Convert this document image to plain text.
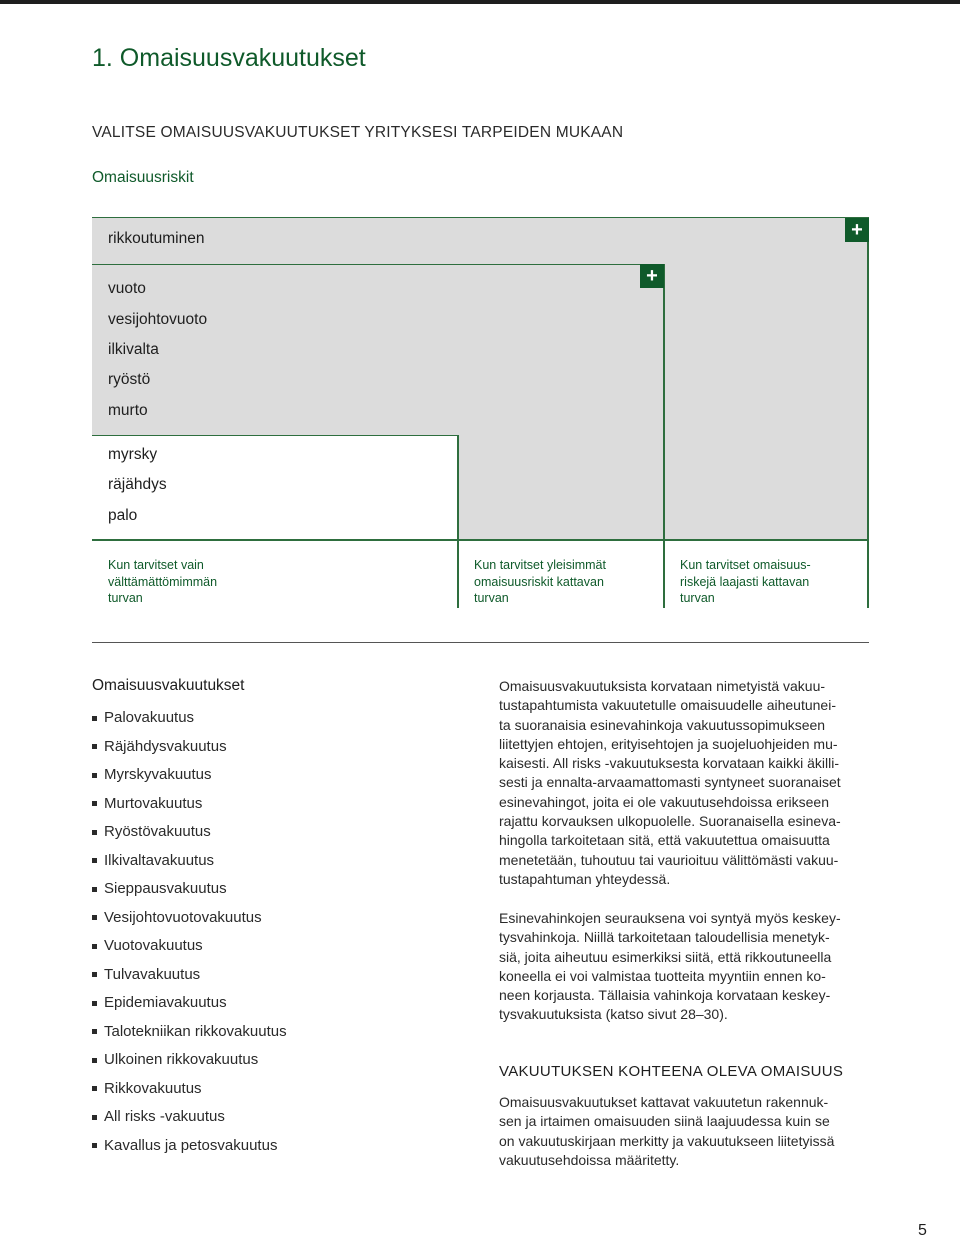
1. Omaisuusvakuutukset
VALITSE OMAISUUSVAKUUTUKSET YRITYKSESI TARPEIDEN MUKAAN
Omaisuusriskit
+
+
rikkoutuminen
vuoto
vesijohtovuoto
ilkivalta
ryöstö
murto
myrsky
räjähdys
palo
Kun tarvitset vain
välttämättömimmän
turvan
Kun tarvitset yleisimmät
omaisuusriskit kattavan
turvan
Kun tarvitset omaisuus-
riskejä laajasti kattavan
turvan
Omaisuusvakuutukset
Palovakuutus
Räjähdysvakuutus
Myrskyvakuutus
Murtovakuutus
Ryöstövakuutus
Ilkivaltavakuutus
Sieppausvakuutus
Vesijohtovuotovakuutus
Vuotovakuutus
Tulvavakuutus
Epidemiavakuutus
Talotekniikan rikkovakuutus
Ulkoinen rikkovakuutus
Rikkovakuutus
All risks -vakuutus
Kavallus ja petosvakuutus

Omaisuusvakuutuksista korvataan nimetyistä vakuu-

tustapahtumista vakuutetulle omaisuudelle aiheutunei-

ta suoranaisia esinevahinkoja vakuutussopimukseen

liitettyjen ehtojen, erityisehtojen ja suojeluohjeiden mu-

kaisesti. All risks -vakuutuksesta korvataan kaikki äkilli-

sesti ja ennalta-arvaamattomasti syntyneet suoranaiset

esinevahingot, joita ei ole vakuutusehdoissa erikseen

rajattu korvauksen ulkopuolelle. Suoranaisella esineva-

hingolla tarkoitetaan sitä, että vakuutettua omaisuutta

menetetään, tuhoutuu tai vaurioituu välittömästi vakuu-

tustapahtuman yhteydessä.

Esinevahinkojen seurauksena voi syntyä myös keskey-

tysvahinkoja. Niillä tarkoitetaan taloudellisia menetyk-

siä, joita aiheutuu esimerkiksi siitä, että rikkoutuneella

koneella ei voi valmistaa tuotteita myyntiin ennen ko-

neen korjausta. Tällaisia vahinkoja korvataan keskey-

tysvakuutuksista (katso sivut 28–30).

VAKUUTUKSEN KOHTEENA OLEVA OMAISUUS

Omaisuusvakuutukset kattavat vakuutetun rakennuk-

sen ja irtaimen omaisuuden siinä laajuudessa kuin se

on vakuutuskirjaan merkitty ja vakuutukseen liitetyissä

vakuutusehdoissa määritetty.

5
